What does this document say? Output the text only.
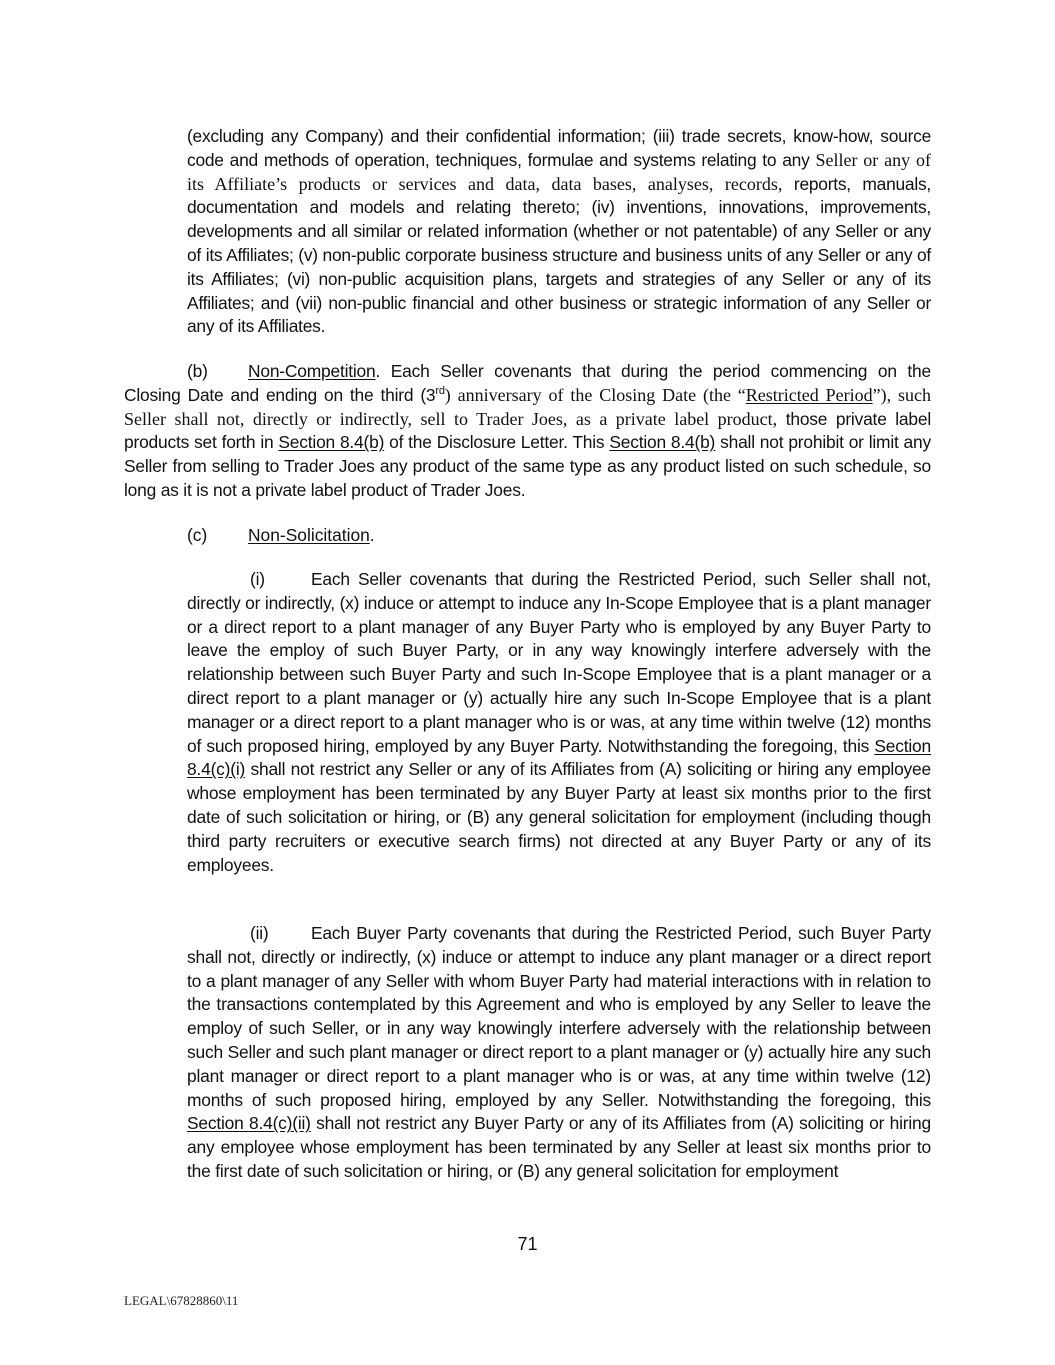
(excluding any Company) and their confidential information; (iii) trade secrets, know-how, source code and methods of operation, techniques, formulae and systems relating to any Seller or any of its Affiliate’s products or services and data, data bases, analyses, records, reports, manuals, documentation and models and relating thereto; (iv) inventions, innovations, improvements, developments and all similar or related information (whether or not patentable) of any Seller or any of its Affiliates; (v) non-public corporate business structure and business units of any Seller or any of its Affiliates; (vi) non-public acquisition plans, targets and strategies of any Seller or any of its Affiliates; and (vii) non-public financial and other business or strategic information of any Seller or any of its Affiliates.

(b) Non-Competition. Each Seller covenants that during the period commencing on the Closing Date and ending on the third (3rd) anniversary of the Closing Date (the “Restricted Period”), such Seller shall not, directly or indirectly, sell to Trader Joes, as a private label product, those private label products set forth in Section 8.4(b) of the Disclosure Letter. This Section 8.4(b) shall not prohibit or limit any Seller from selling to Trader Joes any product of the same type as any product listed on such schedule, so long as it is not a private label product of Trader Joes.

(c) Non-Solicitation.

(i)	Each Seller covenants that during the Restricted Period, such Seller shall not, directly or indirectly, (x) induce or attempt to induce any In-Scope Employee that is a plant manager or a direct report to a plant manager of any Buyer Party who is employed by any Buyer Party to leave the employ of such Buyer Party, or in any way knowingly interfere adversely with the relationship between such Buyer Party and such In-Scope Employee that is a plant manager or a direct report to a plant manager or (y) actually hire any such In-Scope Employee that is a plant manager or a direct report to a plant manager who is or was, at any time within twelve (12) months of such proposed hiring, employed by any Buyer Party. Notwithstanding the foregoing, this Section 8.4(c)(i) shall not restrict any Seller or any of its Affiliates from (A) soliciting or hiring any employee whose employment has been terminated by any Buyer Party at least six months prior to the first date of such solicitation or hiring, or (B) any general solicitation for employment (including though third party recruiters or executive search firms) not directed at any Buyer Party or any of its employees.

(ii) Each Buyer Party covenants that during the Restricted Period, such Buyer Party shall not, directly or indirectly, (x) induce or attempt to induce any plant manager or a direct report to a plant manager of any Seller with whom Buyer Party had material interactions with in relation to the transactions contemplated by this Agreement and who is employed by any Seller to leave the employ of such Seller, or in any way knowingly interfere adversely with the relationship between such Seller and such plant manager or direct report to a plant manager or (y) actually hire any such plant manager or direct report to a plant manager who is or was, at any time within twelve (12) months of such proposed hiring, employed by any Seller. Notwithstanding the foregoing, this Section 8.4(c)(ii) shall not restrict any Buyer Party or any of its Affiliates from (A) soliciting or hiring any employee whose employment has been terminated by any Seller at least six months prior to the first date of such solicitation or hiring, or (B) any general solicitation for employment

71
LEGAL\67828860\11
